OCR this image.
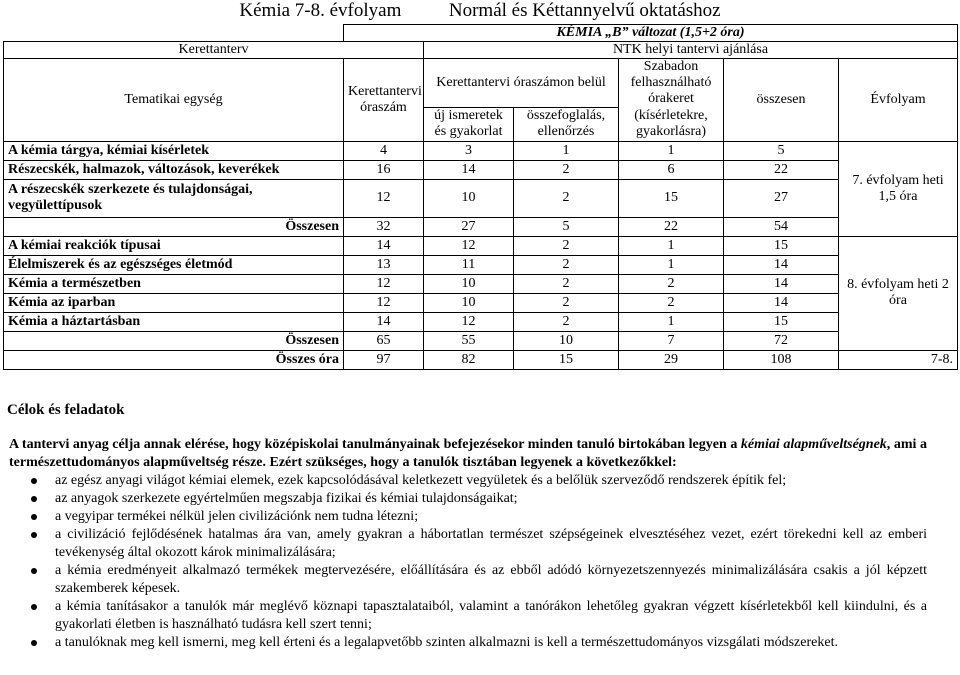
Kémia 7-8. évfolyam	Normál és Kéttannyelvű oktatáshoz
	KÉMIA „B” változat (1,5+2 óra)					
Kerettanterv		NTK helyi tantervi ajánlása				
Tematikai egység	Kerettantervi óraszám	Kerettantervi óraszámon belül		Szabadon felhasználható órakeret	összesen	Évfolyam
		új ismeretek és gyakorlat	összefoglalás, ellenőrzés	(kísérletekre, gyakorlásra)		
A kémia tárgya, kémiai kísérletek	4	3	1	1	5	7. évfolyam heti 1,5 óra
Részecskék, halmazok, változások, keverékek	16	14	2	6	22	
A részecskék szerkezete és tulajdonságai, vegyülettípusok	12	10	2	15	27	
Összesen	32	27	5	22	54	
A kémiai reakciók típusai	14	12	2	1	15	8. évfolyam heti 2 óra
Élelmiszerek és az egészséges életmód	13	11	2	1	14	
Kémia a természetben	12	10	2	2	14	
Kémia az iparban	12	10	2	2	14	
Kémia a háztartásban	14	12	2	1	15	
Összesen	65	55	10	7	72	
Összes óra	97	82	15	29	108	7-8.
Célok és feladatok

A tantervi anyag célja annak elérése, hogy középiskolai tanulmányainak befejezésekor minden tanuló birtokában legyen a kémiai alapműveltségnek, ami a természettudományos alapműveltség része. Ezért szükséges, hogy a tanulók tisztában legyenek a következőkkel:

az egész anyagi világot kémiai elemek, ezek kapcsolódásával keletkezett vegyületek és a belőlük szerveződő rendszerek építik fel;
az anyagok szerkezete egyértelműen megszabja fizikai és kémiai tulajdonságaikat;
a vegyipar termékei nélkül jelen civilizációnk nem tudna létezni;
a civilizáció fejlődésének hatalmas ára van, amely gyakran a hábortatlan természet szépségeinek elvesztéséhez vezet, ezért törekedni kell az emberi tevékenység által okozott károk minimalizálására;
a kémia eredményeit alkalmazó termékek megtervezésére, előállítására és az ebből adódó környezetszennyezés minimalizálására csakis a jól képzett szakemberek képesek.
a kémia tanításakor a tanulók már meglévő köznapi tapasztalataiból, valamint a tanórákon lehetőleg gyakran végzett kísérletekből kell kiindulni, és a gyakorlati életben is használható tudásra kell szert tenni;
a tanulóknak meg kell ismerni, meg kell érteni és a legalapvetőbb szinten alkalmazni is kell a természettudományos vizsgálati módszereket.
